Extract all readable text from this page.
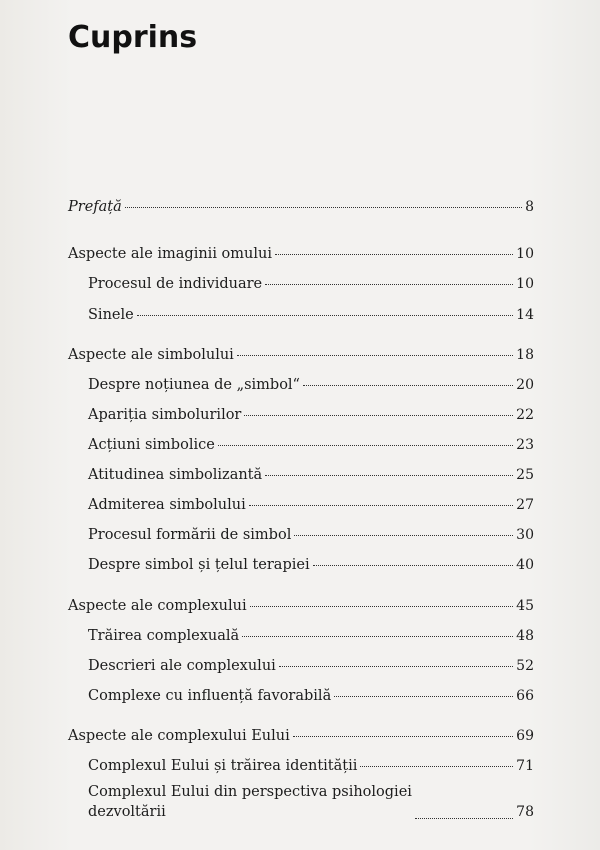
Cuprins
Prefață	8
Aspecte ale imaginii omului	10
Procesul de individuare	10
Sinele	14
Aspecte ale simbolului	18
Despre noțiunea de „simbol“	20
Apariția simbolurilor	22
Acțiuni simbolice	23
Atitudinea simbolizantă	25
Admiterea simbolului	27
Procesul formării de simbol	30
Despre simbol și țelul terapiei	40
Aspecte ale complexului	45
Trăirea complexuală	48
Descrieri ale complexului	52
Complexe cu influență favorabilă	66
Aspecte ale complexului Eului	69
Complexul Eului și trăirea identității	71
Complexul Eului din perspectiva psihologiei
dezvoltării	78
